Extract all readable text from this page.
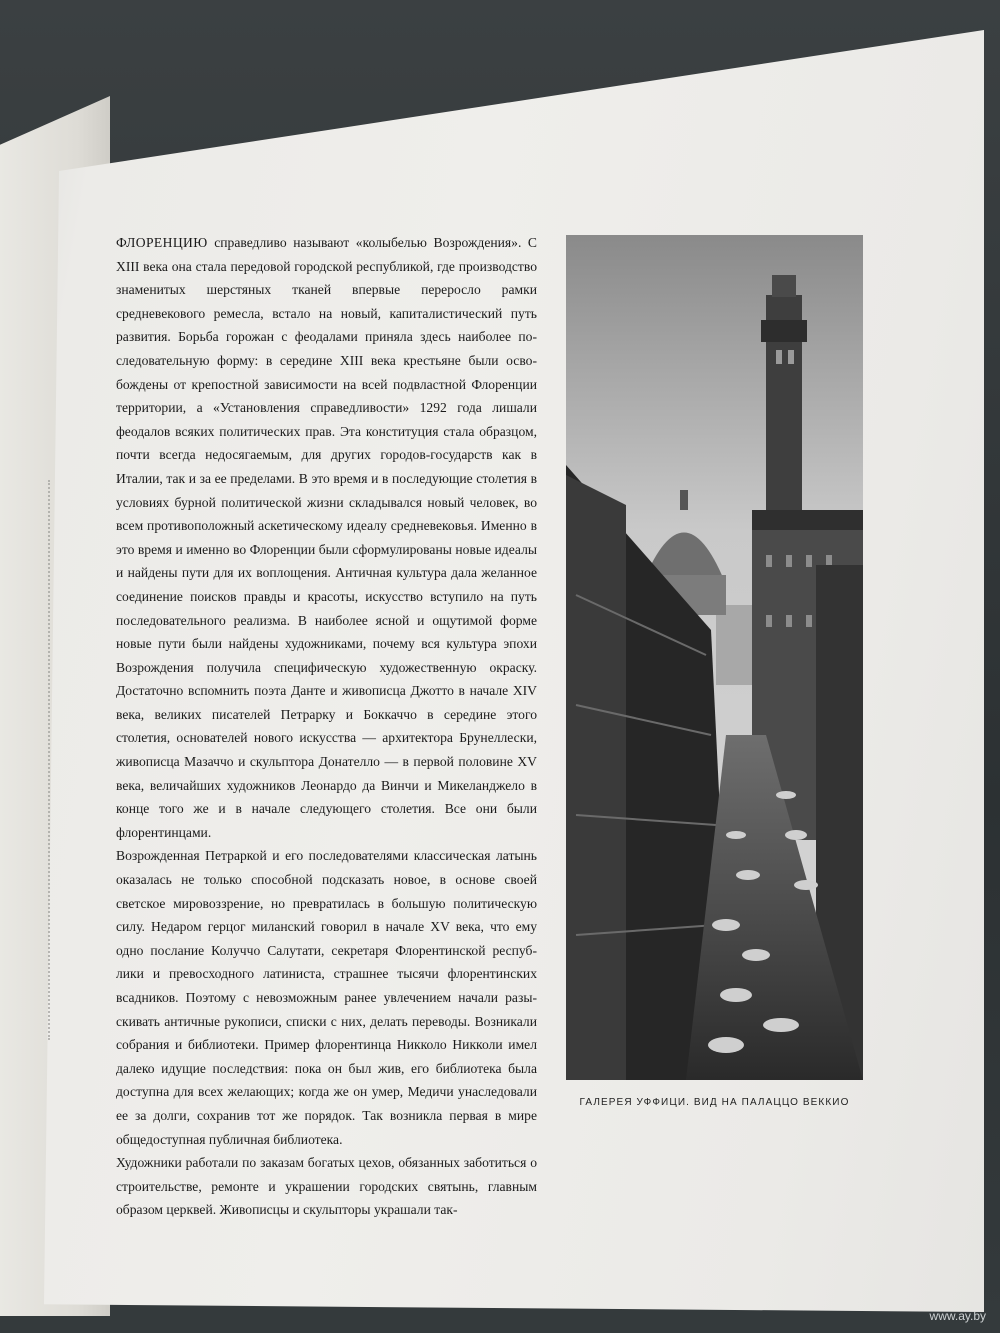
ФЛОРЕНЦИЮ справедливо называют «колыбелью Возрождения». С XIII века она стала передовой городской республикой, где производство знаменитых шерстяных тканей впервые переросло рамки средневекового ремесла, встало на новый, капиталистический путь развития. Борьба горожан с феодалами приняла здесь наиболее последовательную форму: в середине XIII века крестьяне были освобождены от крепостной зависимости на всей подвластной Флоренции территории, а «Установления справедливости» 1292 года лишали феодалов всяких политических прав. Эта конституция стала образцом, почти всегда недосягаемым, для других городов-государств как в Италии, так и за ее пределами. В это время и в последующие столетия в условиях бурной политической жизни складывался новый человек, во всем противоположный аскетическому идеалу средневековья. Именно в это время и именно во Флоренции были сформулированы новые идеалы и найдены пути для их воплощения. Античная культура дала желанное соединение поисков правды и красоты, искусство вступило на путь последовательного реализма. В наиболее ясной и ощутимой форме новые пути были найдены художниками, почему вся культура эпохи Возрождения получила специфическую художественную окраску. Достаточно вспомнить поэта Данте и живописца Джотто в начале XIV века, великих писателей Петрарку и Боккаччо в середине этого столетия, основателей нового искусства — архитектора Брунеллески, живописца Мазаччо и скульптора Донателло — в первой половине XV века, величайших художников Леонардо да Винчи и Микеланджело в конце того же и в начале следующего столетия. Все они были флорентинцами.

Возрожденная Петраркой и его последователями классическая латынь оказалась не только способной подсказать новое, в основе своей светское мировоззрение, но превратилась в большую политическую силу. Недаром герцог миланский говорил в начале XV века, что ему одно послание Колуччо Салутати, секретаря Флорентинской республики и превосходного латиниста, страшнее тысячи флорентинских всадников. Поэтому с невозможным ранее увлечением начали разыскивать античные рукописи, списки с них, делать переводы. Возникали собрания и библиотеки. Пример флорентинца Никколо Никколи имел далеко идущие последствия: пока он был жив, его библиотека была доступна для всех желающих; когда же он умер, Медичи унаследовали ее за долги, сохранив тот же порядок. Так возникла первая в мире общедоступная публичная библиотека.

Художники работали по заказам богатых цехов, обязанных заботиться о строительстве, ремонте и украшении городских святынь, главным образом церквей. Живописцы и скульпторы украшали так-

ГАЛЕРЕЯ УФФИЦИ. ВИД НА ПАЛАЦЦО ВЕККИО
www.ay.by
